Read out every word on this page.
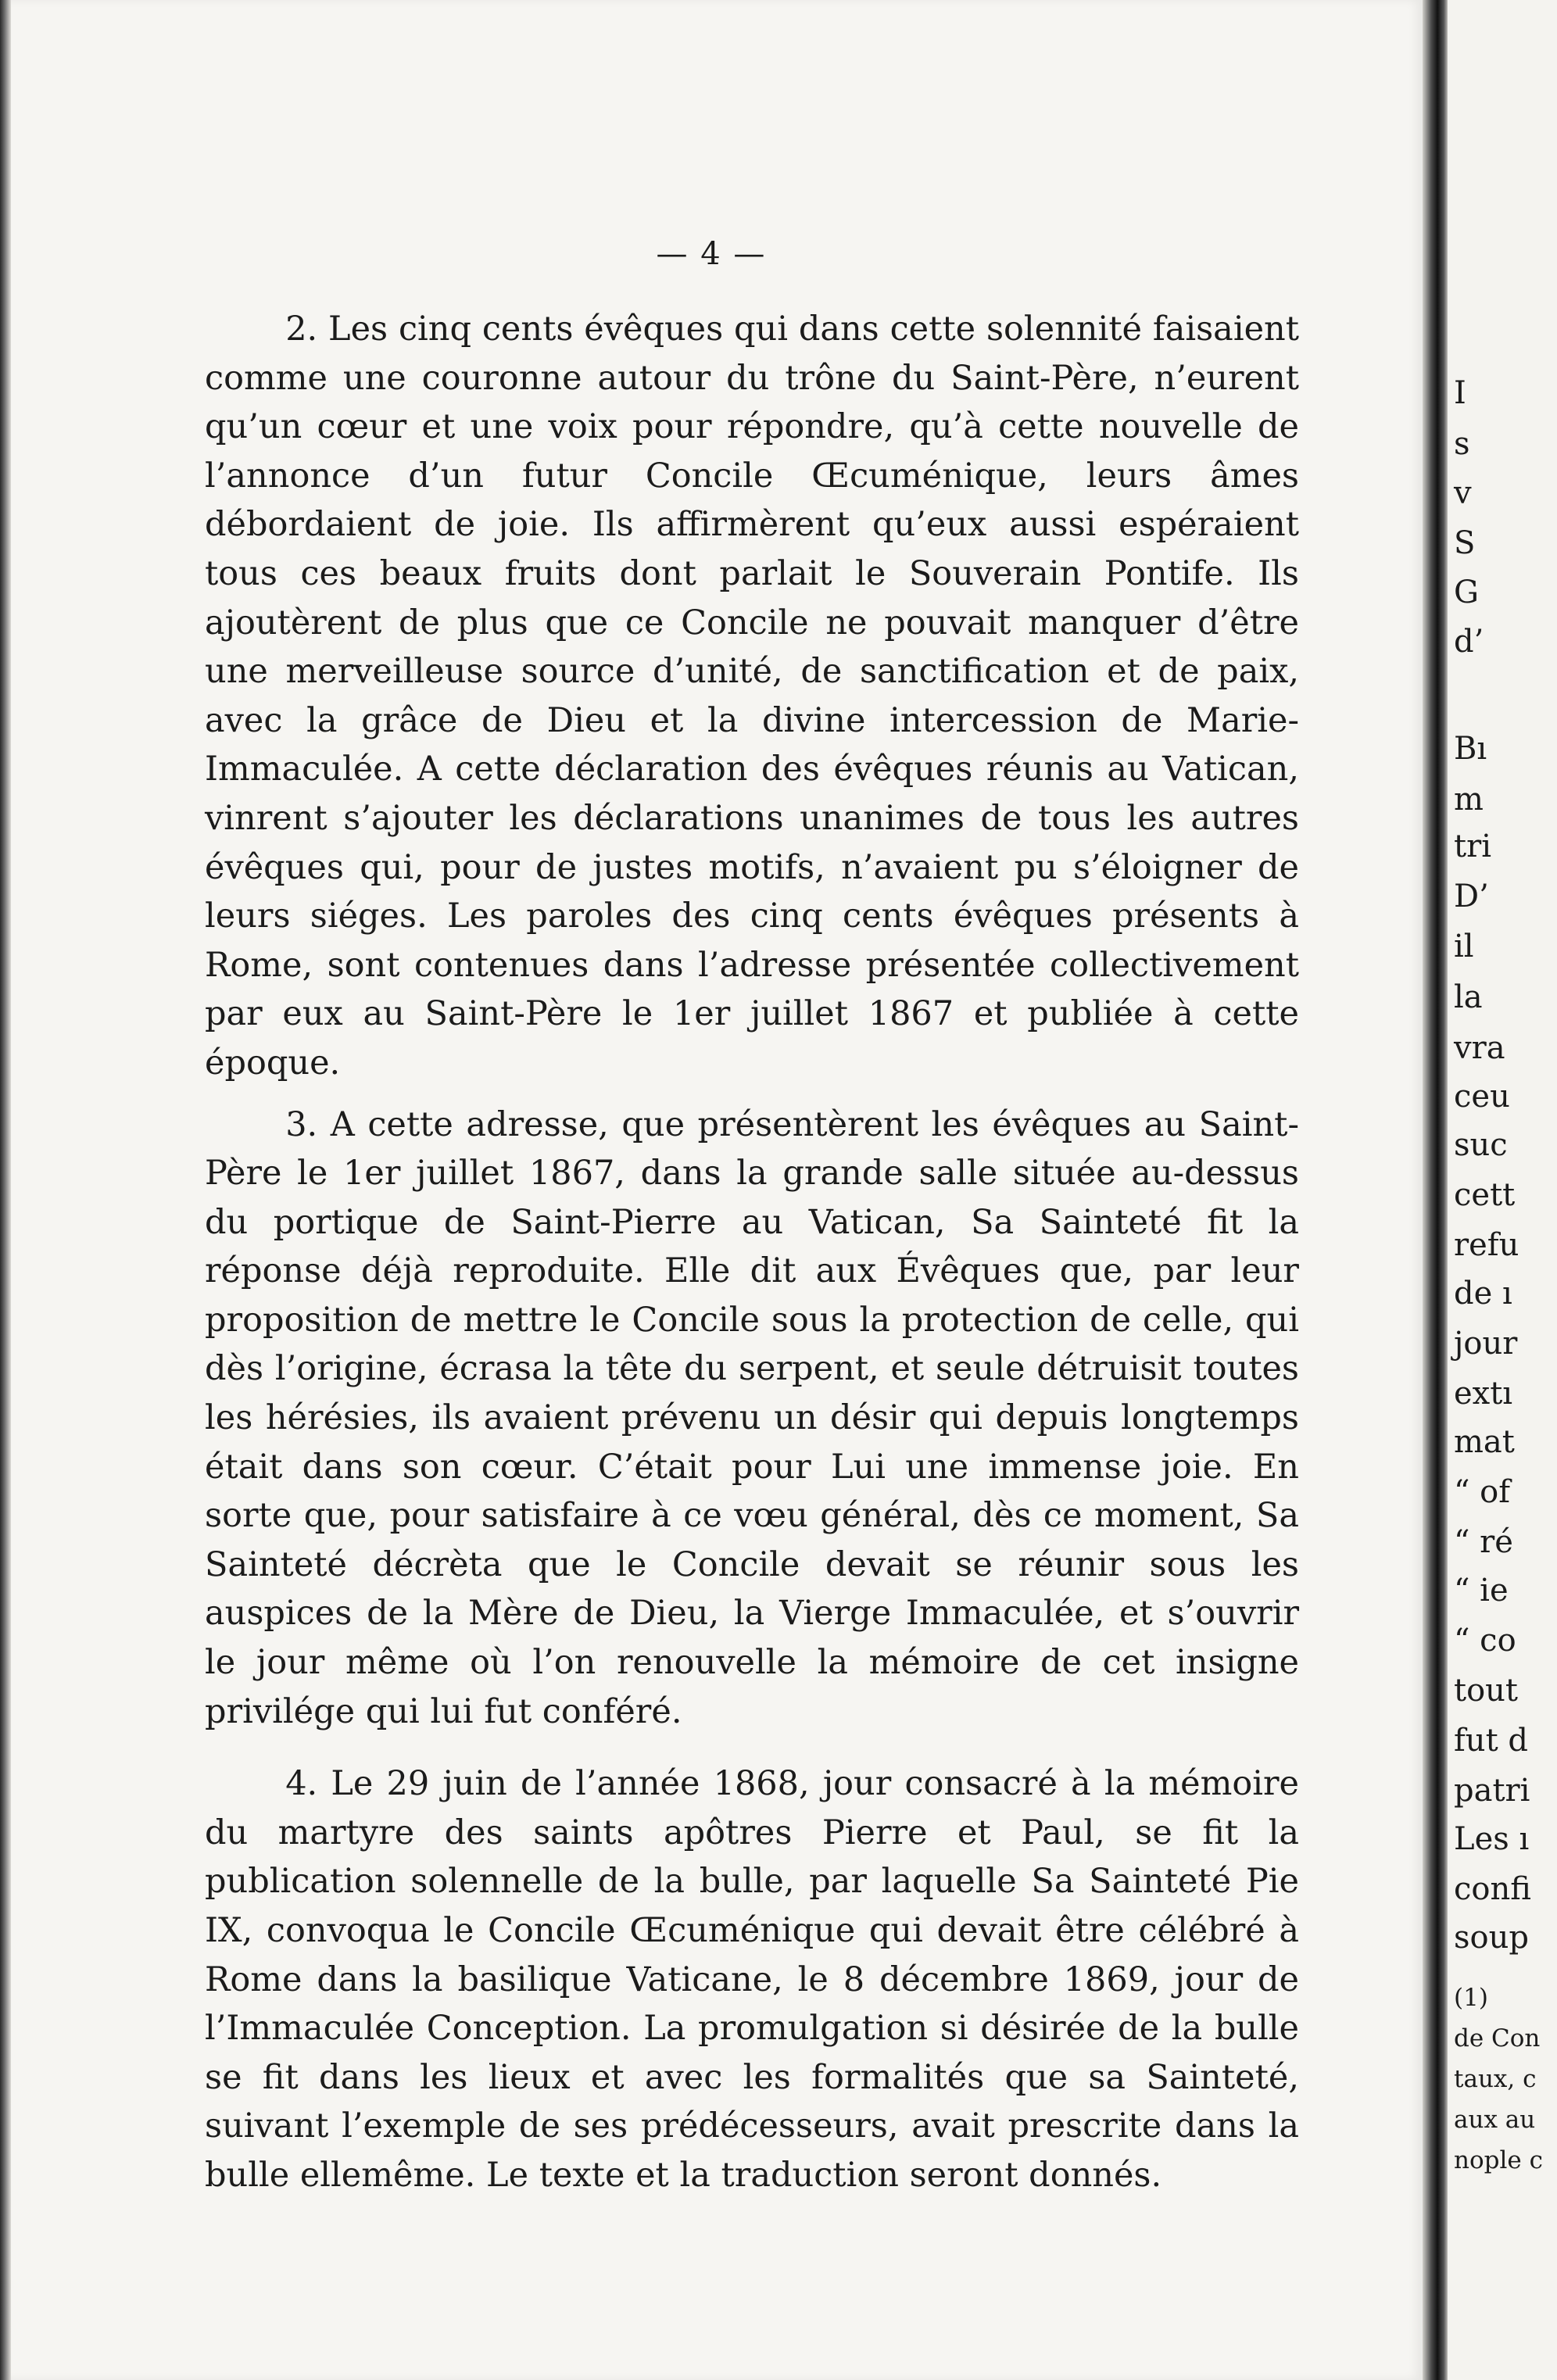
— 4 —

2. Les cinq cents évêques qui dans cette solennité faisaient comme une couronne autour du trône du Saint-Père, n’eurent qu’un cœur et une voix pour répondre, qu’à cette nouvelle de l’annonce d’un futur Concile Œcuménique, leurs âmes débordaient de joie. Ils affirmèrent qu’eux aussi espéraient tous ces beaux fruits dont parlait le Souverain Pontife. Ils ajoutèrent de plus que ce Concile ne pouvait manquer d’être une merveilleuse source d’unité, de sanctification et de paix, avec la grâce de Dieu et la divine intercession de Marie-Immaculée. A cette déclaration des évêques réunis au Vatican, vinrent s’ajouter les déclarations unanimes de tous les autres évêques qui, pour de justes motifs, n’avaient pu s’éloigner de leurs siéges. Les paroles des cinq cents évêques présents à Rome, sont contenues dans l’adresse présentée collectivement par eux au Saint-Père le 1er juillet 1867 et publiée à cette époque.

3. A cette adresse, que présentèrent les évêques au Saint-Père le 1er juillet 1867, dans la grande salle située au-dessus du portique de Saint-Pierre au Vatican, Sa Sainteté fit la réponse déjà reproduite. Elle dit aux Évêques que, par leur proposition de mettre le Concile sous la protection de celle, qui dès l’origine, écrasa la tête du serpent, et seule détruisit toutes les hérésies, ils avaient prévenu un désir qui depuis longtemps était dans son cœur. C’était pour Lui une immense joie. En sorte que, pour satisfaire à ce vœu général, dès ce moment, Sa Sainteté décrèta que le Concile devait se réunir sous les auspices de la Mère de Dieu, la Vierge Immaculée, et s’ouvrir le jour même où l’on renouvelle la mémoire de cet insigne privilége qui lui fut conféré.

4. Le 29 juin de l’année 1868, jour consacré à la mémoire du martyre des saints apôtres Pierre et Paul, se fit la publication solennelle de la bulle, par laquelle Sa Sainteté Pie IX, convoqua le Concile Œcuménique qui devait être célébré à Rome dans la basilique Vaticane, le 8 décembre 1869, jour de l’Immaculée Conception. La promulgation si désirée de la bulle se fit dans les lieux et avec les formalités que sa Sainteté, suivant l’exemple de ses prédécesseurs, avait prescrite dans la bulle ellemême. Le texte et la traduction seront donnés.

I
s
v
S
G
d’
Bı
m
tri
D’
il
la
vra
ceu
suc
cett
refu
de ı
jour
extı
mat
“ of
“ ré
“ ie
“ co
tout
fut d
patri
Les ı
confi
soup
(1)
de Con
taux, c
aux au
nople c
